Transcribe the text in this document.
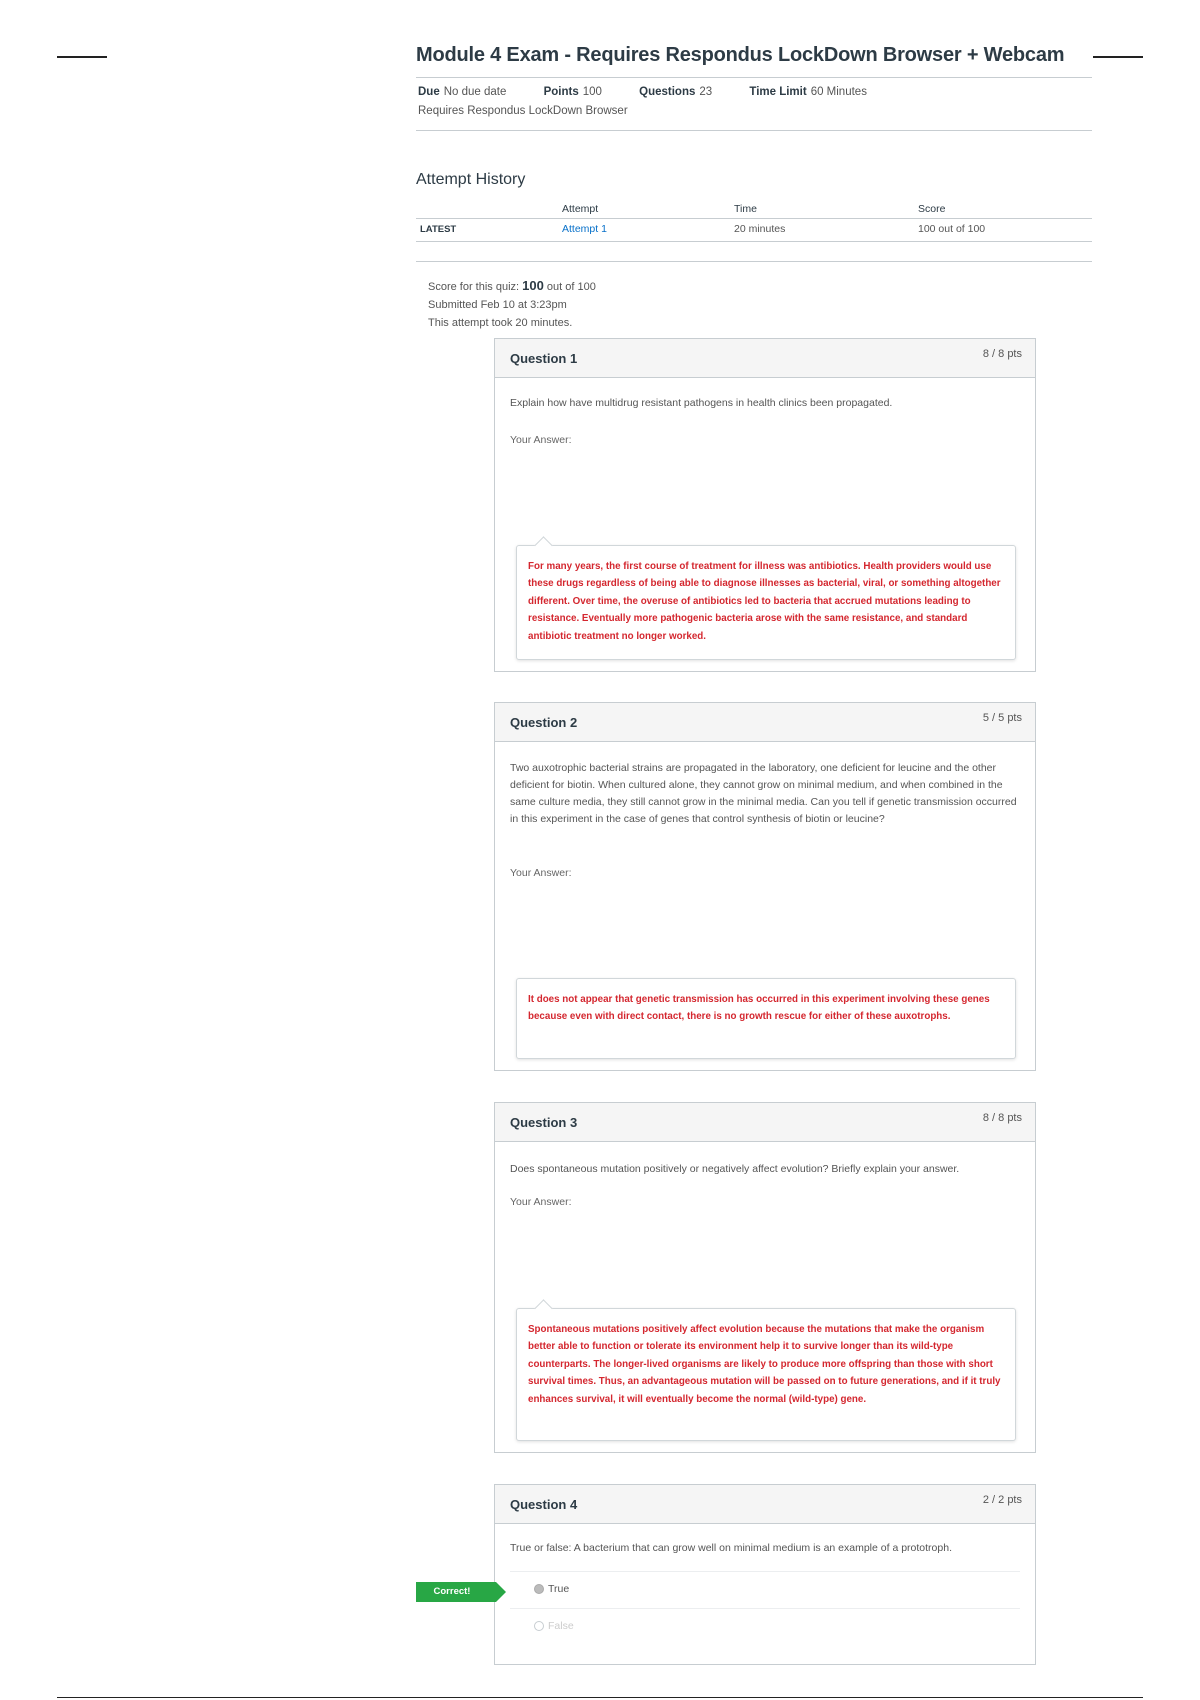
Module 4 Exam - Requires Respondus LockDown Browser + Webcam
Due No due date	Points 100	Questions 23	Time Limit 60 Minutes
Requires Respondus LockDown Browser
Attempt History
	Attempt	Time	Score
LATEST	Attempt 1	20 minutes	100 out of 100
Score for this quiz: 100 out of 100
Submitted Feb 10 at 3:23pm
This attempt took 20 minutes.
Question 1	8 / 8 pts
Explain how have multidrug resistant pathogens in health clinics been propagated.
Your Answer:
For many years, the first course of treatment for illness was antibiotics. Health providers would use these drugs regardless of being able to diagnose illnesses as bacterial, viral, or something altogether different. Over time, the overuse of antibiotics led to bacteria that accrued mutations leading to resistance. Eventually more pathogenic bacteria arose with the same resistance, and standard antibiotic treatment no longer worked.
Question 2	5 / 5 pts
Two auxotrophic bacterial strains are propagated in the laboratory, one deficient for leucine and the other deficient for biotin. When cultured alone, they cannot grow on minimal medium, and when combined in the same culture media, they still cannot grow in the minimal media. Can you tell if genetic transmission occurred in this experiment in the case of genes that control synthesis of biotin or leucine?
Your Answer:
It does not appear that genetic transmission has occurred in this experiment involving these genes because even with direct contact, there is no growth rescue for either of these auxotrophs.
Question 3	8 / 8 pts
Does spontaneous mutation positively or negatively affect evolution? Briefly explain your answer.
Your Answer:
Spontaneous mutations positively affect evolution because the mutations that make the organism better able to function or tolerate its environment help it to survive longer than its wild-type counterparts. The longer-lived organisms are likely to produce more offspring than those with short survival times. Thus, an advantageous mutation will be passed on to future generations, and if it truly enhances survival, it will eventually become the normal (wild-type) gene.
Question 4	2 / 2 pts
True or false: A bacterium that can grow well on minimal medium is an example of a prototroph.
True
False
Correct!
